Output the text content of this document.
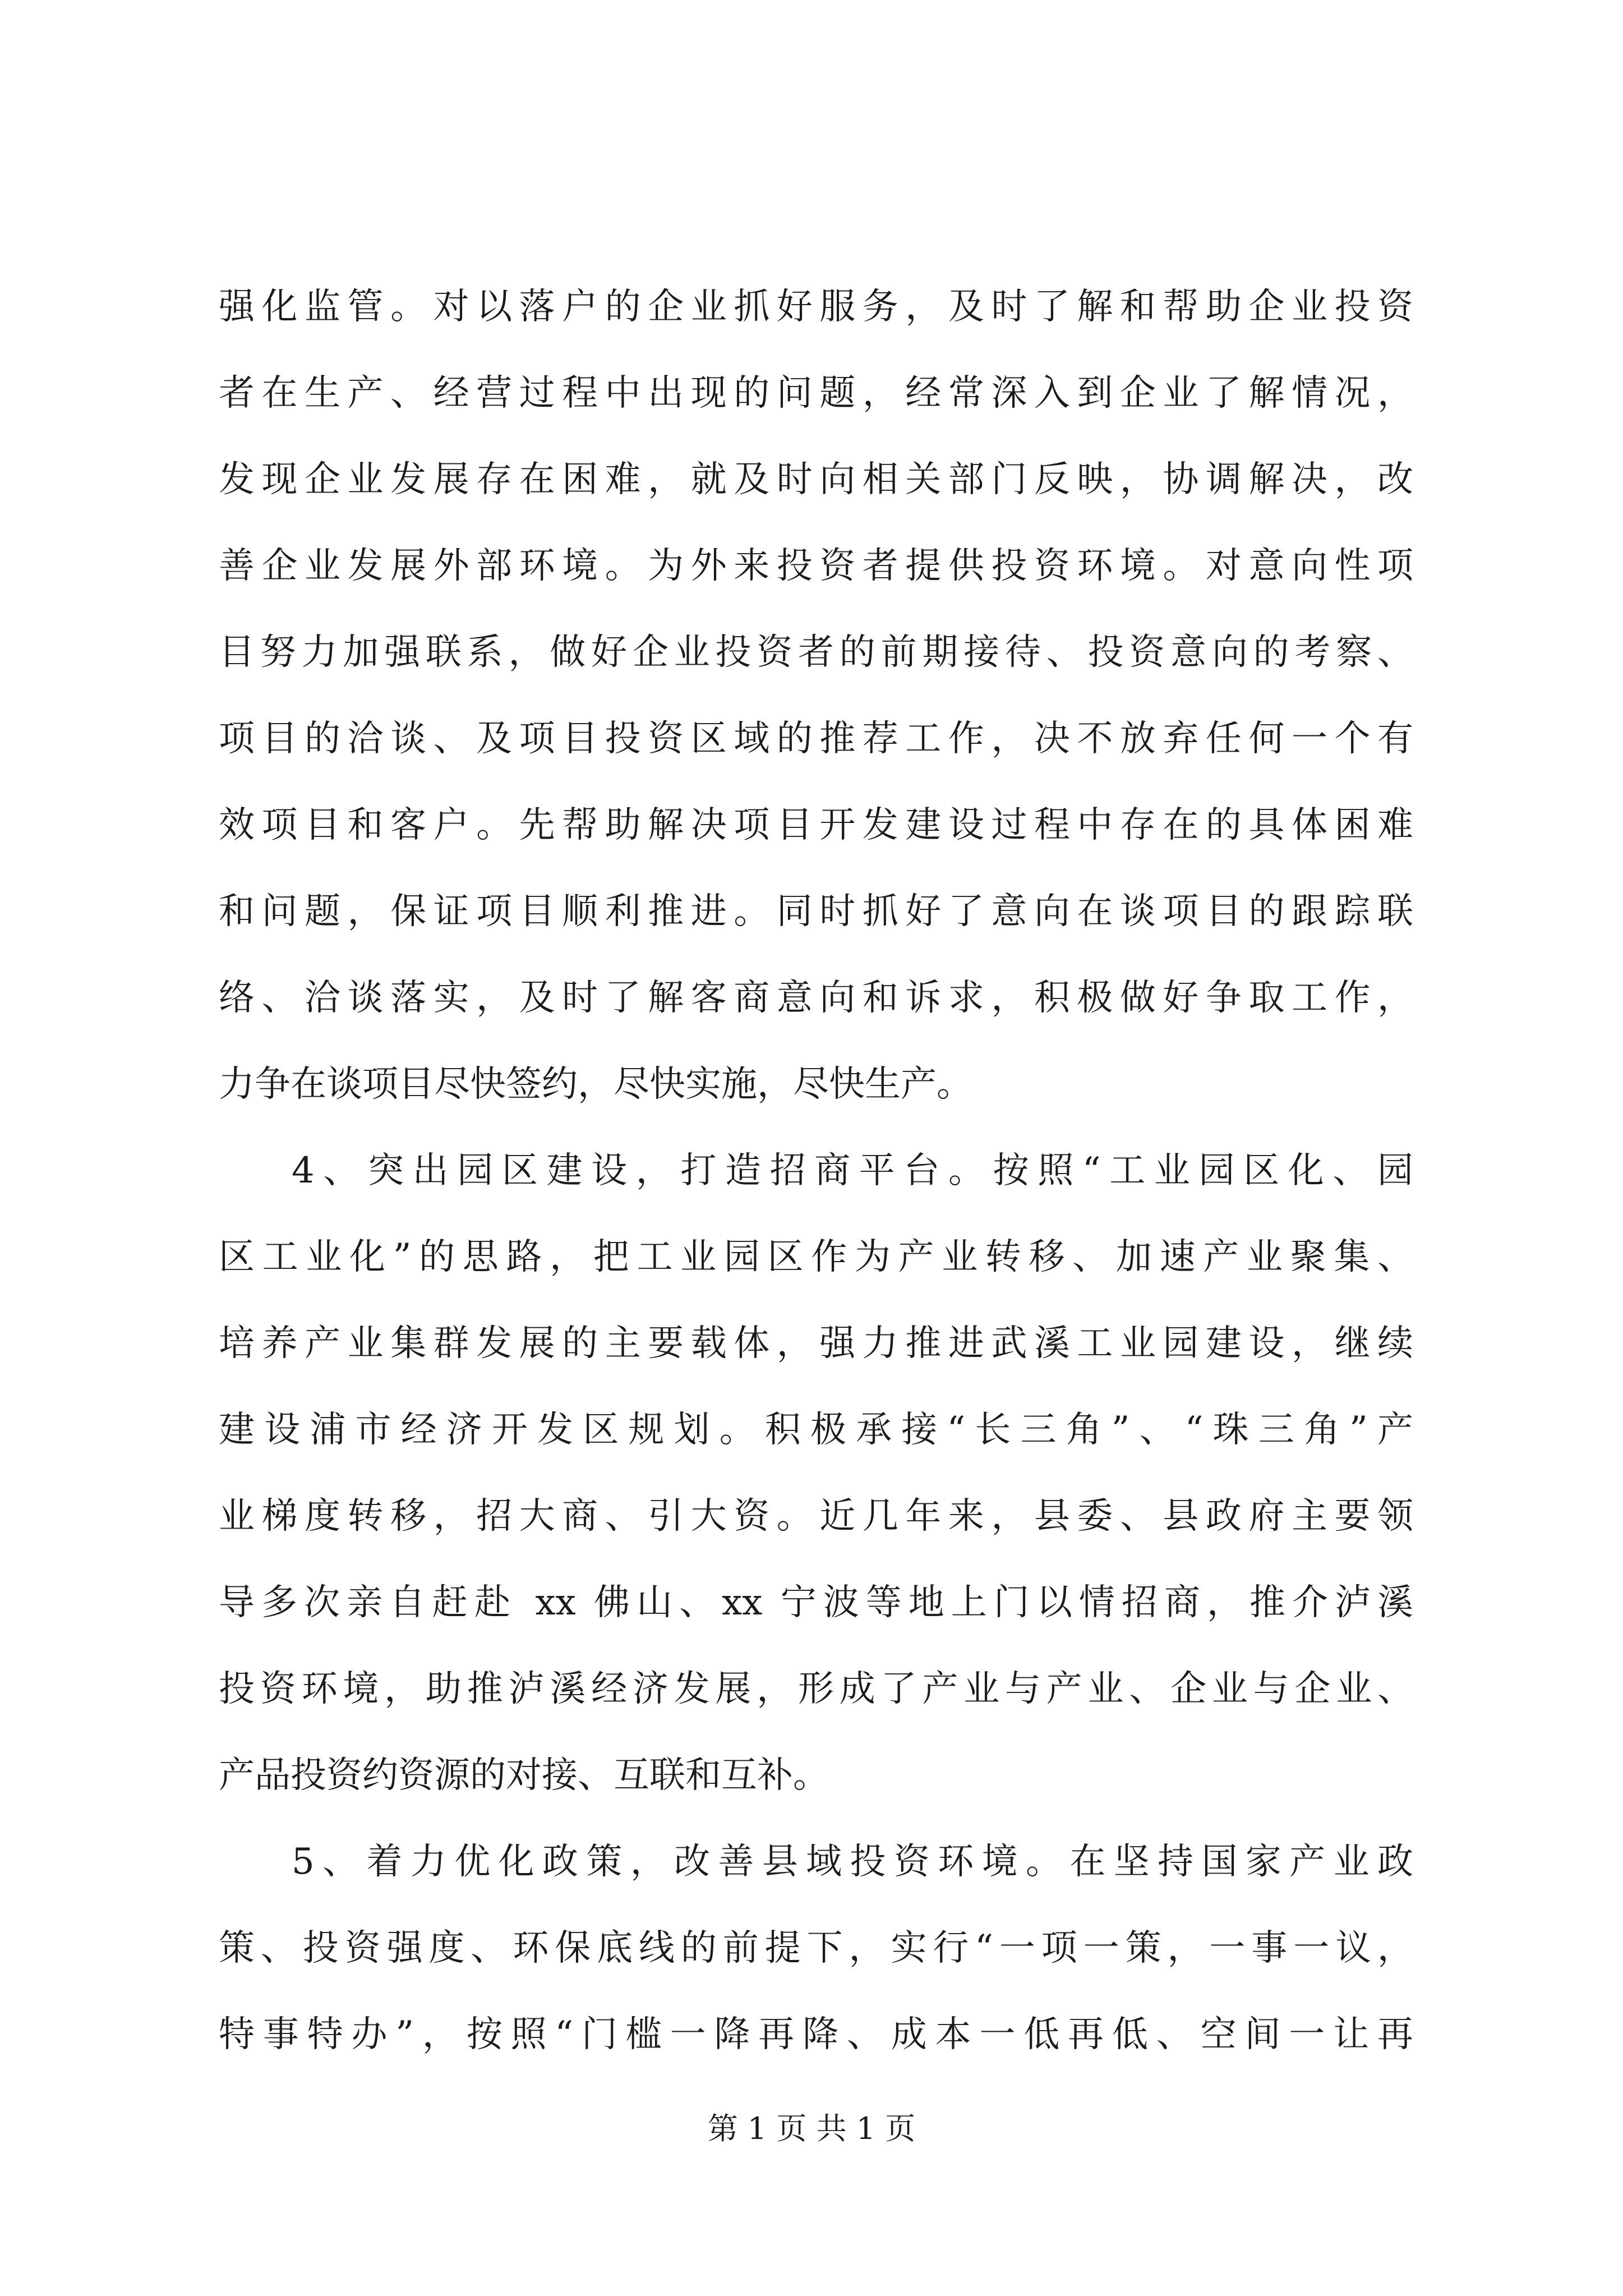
强化监管。对以落户的企业抓好服务，及时了解和帮助企业投资
者在生产、经营过程中出现的问题，经常深入到企业了解情况，
发现企业发展存在困难，就及时向相关部门反映，协调解决，改
善企业发展外部环境。为外来投资者提供投资环境。对意向性项
目努力加强联系，做好企业投资者的前期接待、投资意向的考察、
项目的洽谈、及项目投资区域的推荐工作，决不放弃任何一个有
效项目和客户。先帮助解决项目开发建设过程中存在的具体困难
和问题，保证项目顺利推进。同时抓好了意向在谈项目的跟踪联
络、洽谈落实，及时了解客商意向和诉求，积极做好争取工作，
力争在谈项目尽快签约，尽快实施，尽快生产。
4、突出园区建设，打造招商平台。按照“工业园区化、园
区工业化”的思路，把工业园区作为产业转移、加速产业聚集、
培养产业集群发展的主要载体，强力推进武溪工业园建设，继续
建设浦市经济开发区规划。积极承接“长三角”、“珠三角”产
业梯度转移，招大商、引大资。近几年来，县委、县政府主要领
导多次亲自赶赴 xx 佛山、xx 宁波等地上门以情招商，推介泸溪
投资环境，助推泸溪经济发展，形成了产业与产业、企业与企业、
产品投资约资源的对接、互联和互补。
5、着力优化政策，改善县域投资环境。在坚持国家产业政
策、投资强度、环保底线的前提下，实行“一项一策，一事一议，
特事特办”，按照“门槛一降再降、成本一低再低、空间一让再
第 1 页 共 1 页
